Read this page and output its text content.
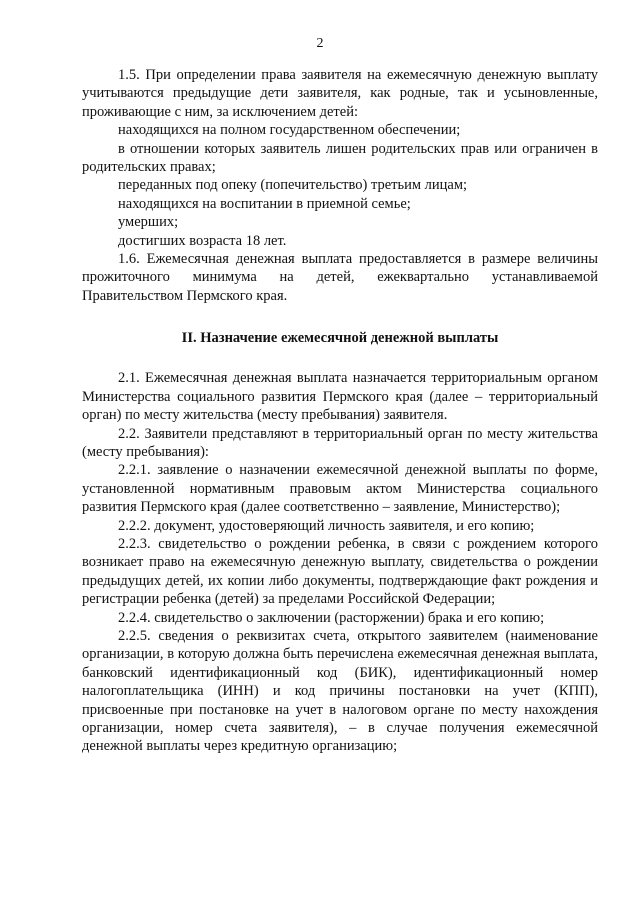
2

1.5. При определении права заявителя на ежемесячную денежную выплату учитываются предыдущие дети заявителя, как родные, так и усыновленные, проживающие с ним, за исключением детей:

находящихся на полном государственном обеспечении;

в отношении которых заявитель лишен родительских прав или ограничен в родительских правах;

переданных под опеку (попечительство) третьим лицам;

находящихся на воспитании в приемной семье;

умерших;

достигших возраста 18 лет.

1.6. Ежемесячная денежная выплата предоставляется в размере величины прожиточного минимума на детей, ежеквартально устанавливаемой Правительством Пермского края.

II. Назначение ежемесячной денежной выплаты

2.1. Ежемесячная денежная выплата назначается территориальным органом Министерства социального развития Пермского края (далее – территориальный орган) по месту жительства (месту пребывания) заявителя.

2.2. Заявители представляют в территориальный орган по месту жительства (месту пребывания):

2.2.1. заявление о назначении ежемесячной денежной выплаты по форме, установленной нормативным правовым актом Министерства социального развития Пермского края (далее соответственно – заявление, Министерство);

2.2.2. документ, удостоверяющий личность заявителя, и его копию;

2.2.3. свидетельство о рождении ребенка, в связи с рождением которого возникает право на ежемесячную денежную выплату, свидетельства о рождении предыдущих детей, их копии либо документы, подтверждающие факт рождения и регистрации ребенка (детей) за пределами Российской Федерации;

2.2.4. свидетельство о заключении (расторжении) брака и его копию;

2.2.5. сведения о реквизитах счета, открытого заявителем (наименование организации, в которую должна быть перечислена ежемесячная денежная выплата, банковский идентификационный код (БИК), идентификационный номер налогоплательщика (ИНН) и код причины постановки на учет (КПП), присвоенные при постановке на учет в налоговом органе по месту нахождения организации, номер счета заявителя), – в случае получения ежемесячной денежной выплаты через кредитную организацию;
